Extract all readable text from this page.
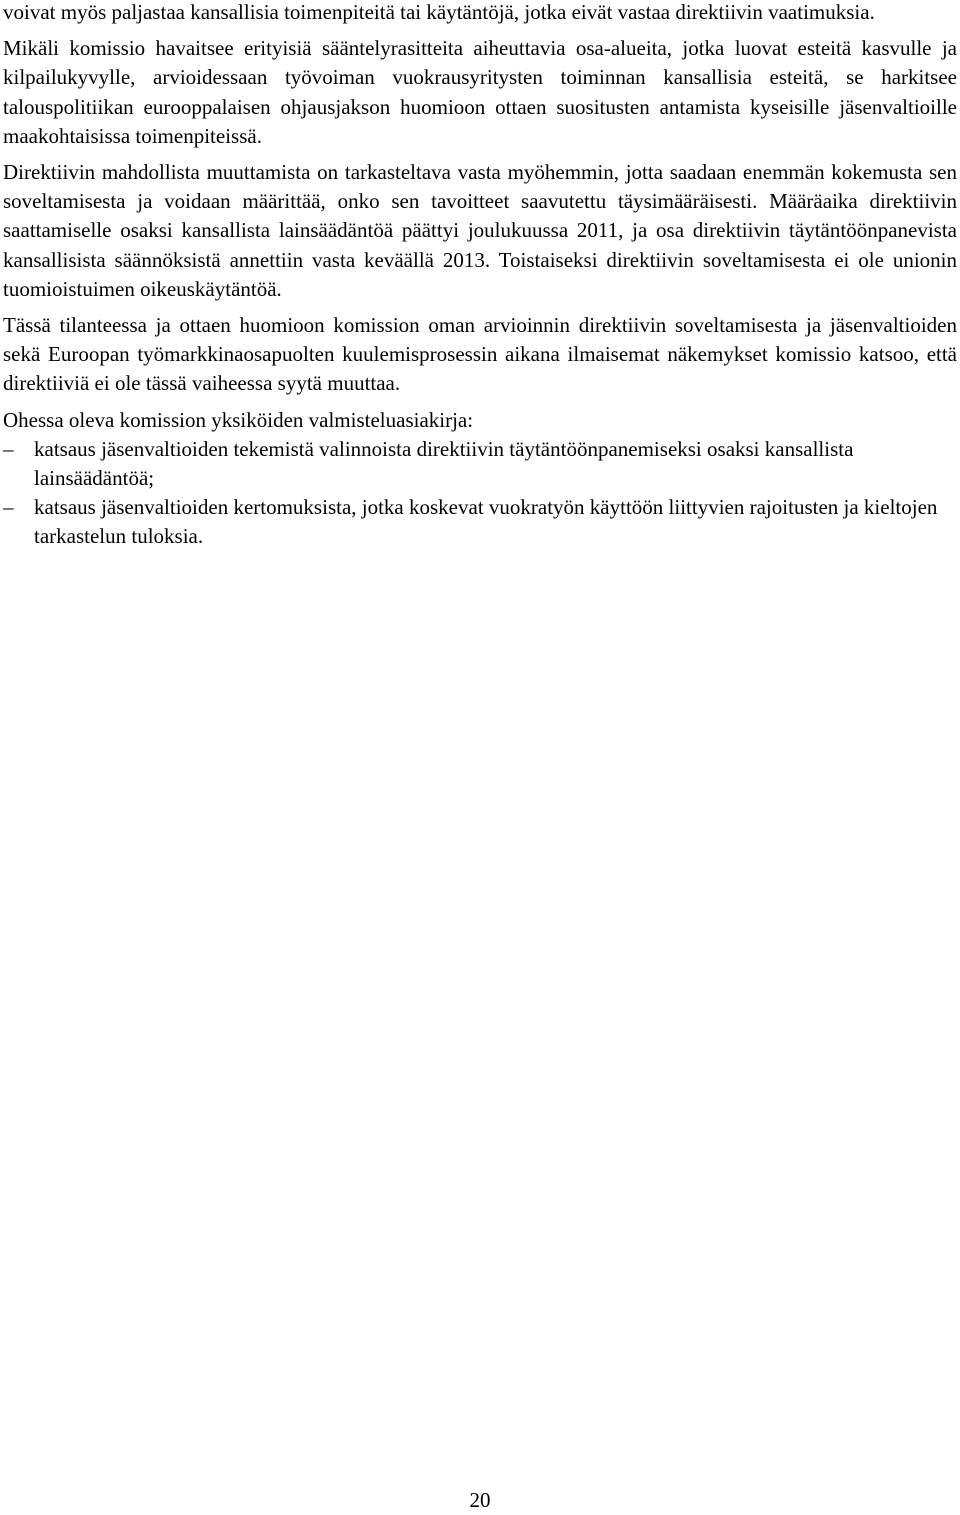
voivat myös paljastaa kansallisia toimenpiteitä tai käytäntöjä, jotka eivät vastaa direktiivin vaatimuksia.

Mikäli komissio havaitsee erityisiä sääntelyrasitteita aiheuttavia osa-alueita, jotka luovat esteitä kasvulle ja kilpailukyvylle, arvioidessaan työvoiman vuokrausyritysten toiminnan kansallisia esteitä, se harkitsee talouspolitiikan eurooppalaisen ohjausjakson huomioon ottaen suositusten antamista kyseisille jäsenvaltioille maakohtaisissa toimenpiteissä.

Direktiivin mahdollista muuttamista on tarkasteltava vasta myöhemmin, jotta saadaan enemmän kokemusta sen soveltamisesta ja voidaan määrittää, onko sen tavoitteet saavutettu täysimääräisesti. Määräaika direktiivin saattamiselle osaksi kansallista lainsäädäntöä päättyi joulukuussa 2011, ja osa direktiivin täytäntöönpanevista kansallisista säännöksistä annettiin vasta keväällä 2013. Toistaiseksi direktiivin soveltamisesta ei ole unionin tuomioistuimen oikeuskäytäntöä.

Tässä tilanteessa ja ottaen huomioon komission oman arvioinnin direktiivin soveltamisesta ja jäsenvaltioiden sekä Euroopan työmarkkinaosapuolten kuulemisprosessin aikana ilmaisemat näkemykset komissio katsoo, että direktiiviä ei ole tässä vaiheessa syytä muuttaa.

Ohessa oleva komission yksiköiden valmisteluasiakirja:

– katsaus jäsenvaltioiden tekemistä valinnoista direktiivin täytäntöönpanemiseksi osaksi kansallista lainsäädäntöä;
– katsaus jäsenvaltioiden kertomuksista, jotka koskevat vuokratyön käyttöön liittyvien rajoitusten ja kieltojen tarkastelun tuloksia.
20
